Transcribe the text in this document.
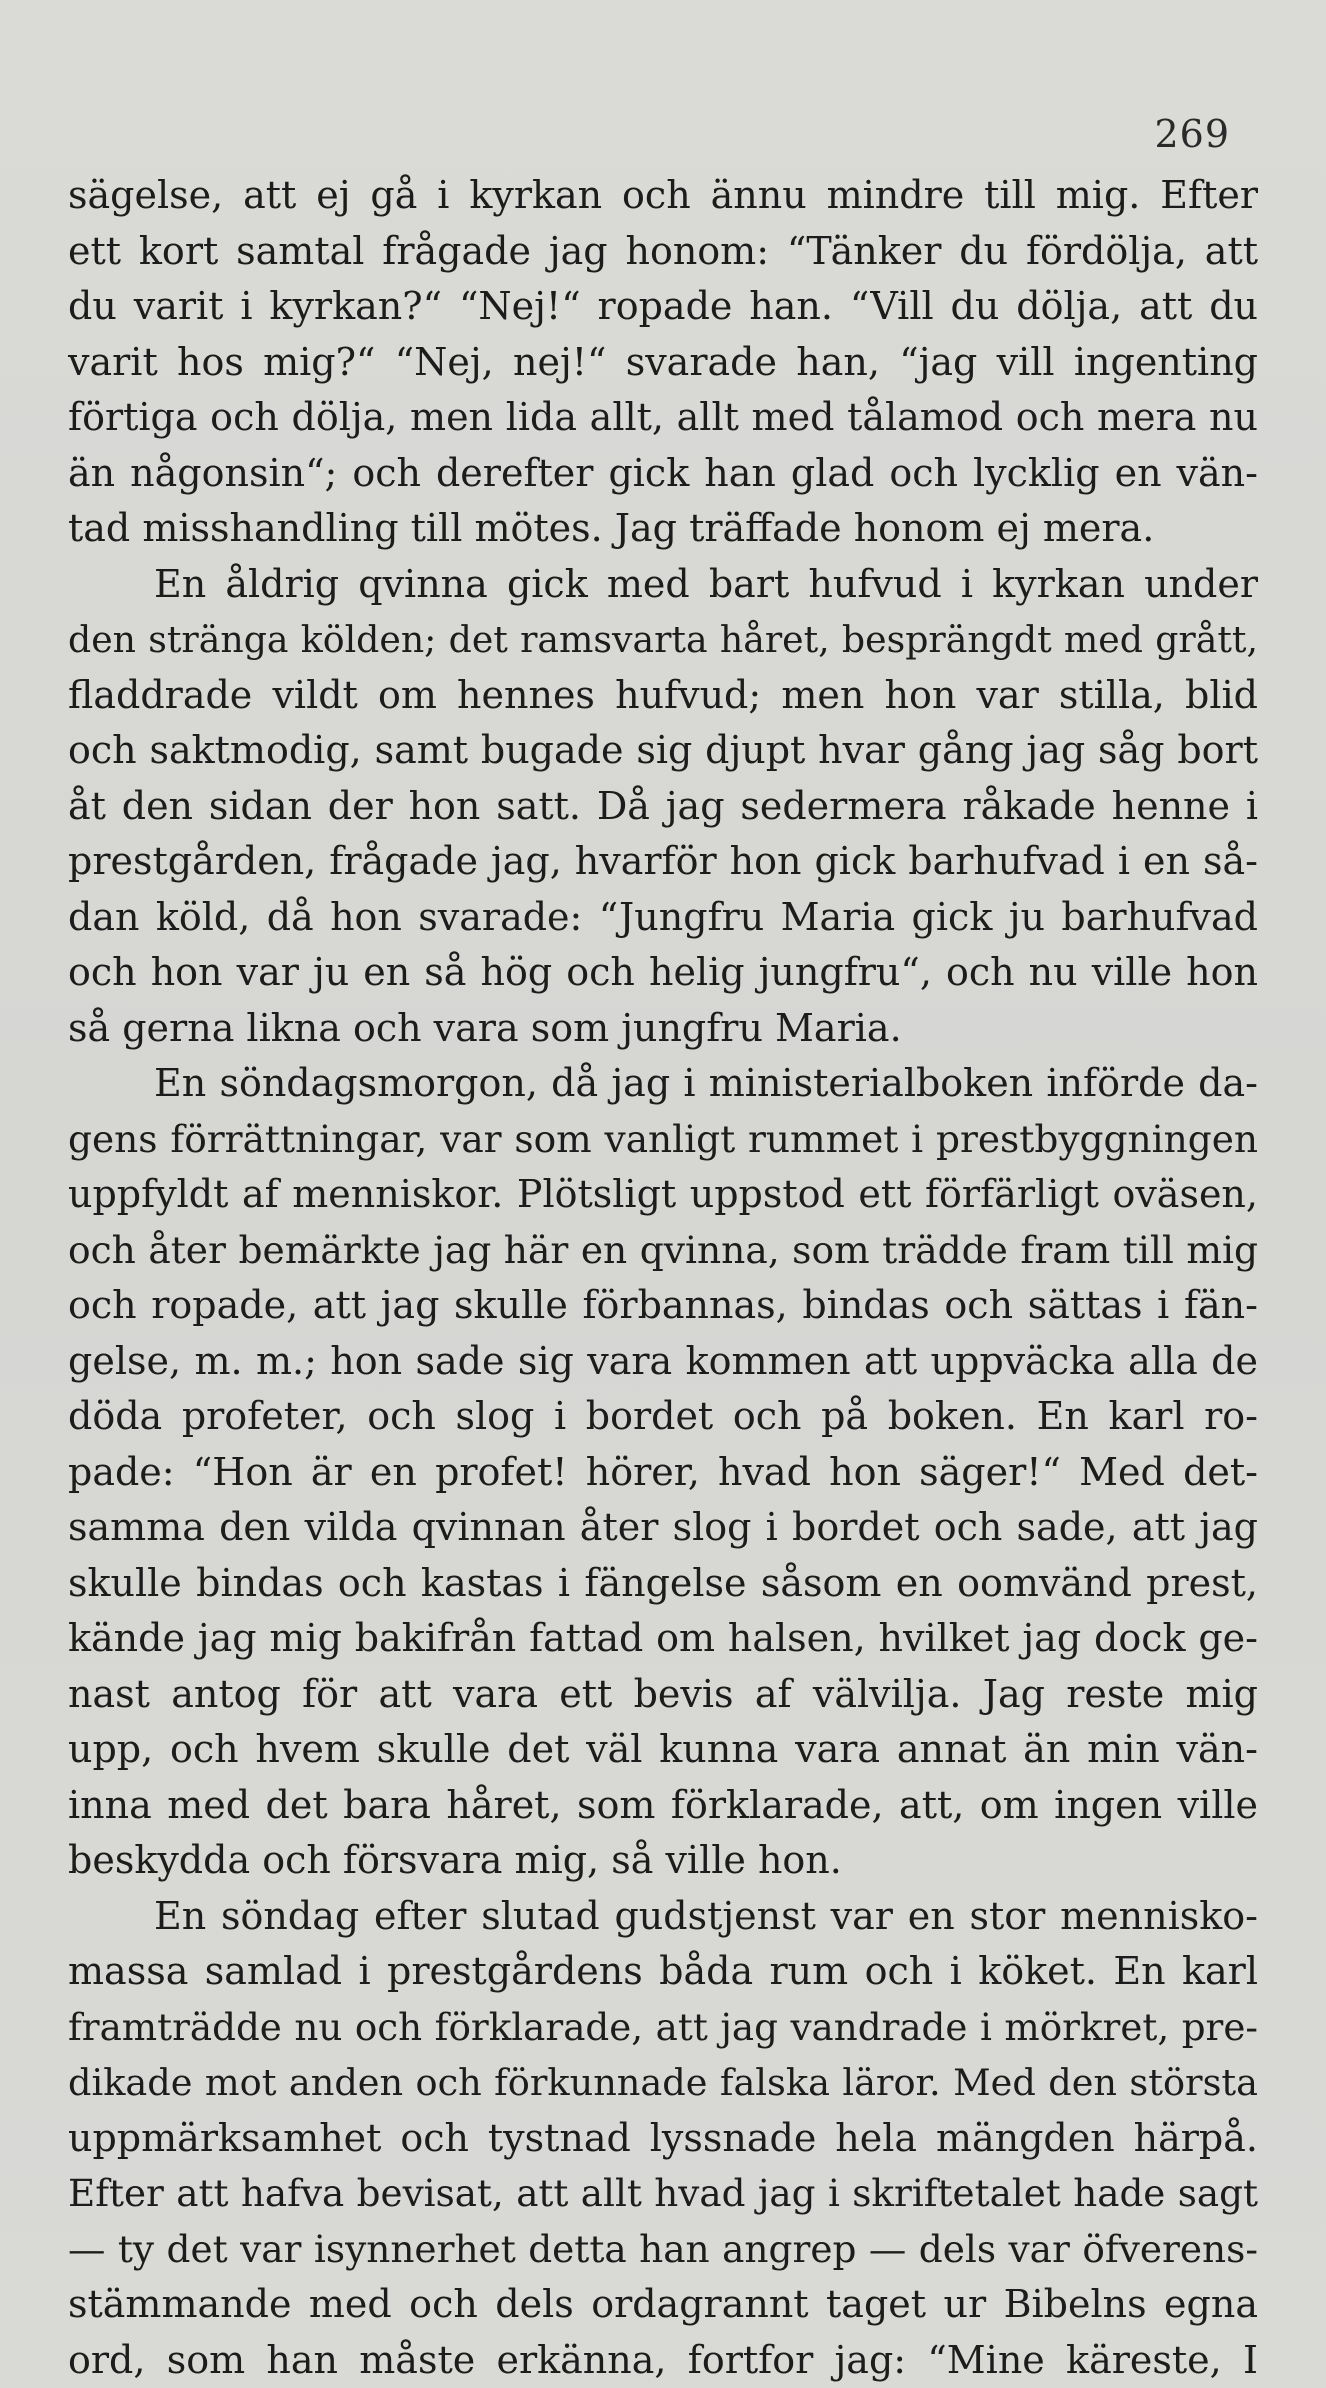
269
sägelse, att ej gå i kyrkan och ännu mindre till mig. Efter
ett kort samtal frågade jag honom: “Tänker du fördölja, att
du varit i kyrkan?“ “Nej!“ ropade han. “Vill du dölja, att du
varit hos mig?“ “Nej, nej!“ svarade han, “jag vill ingenting
förtiga och dölja, men lida allt, allt med tålamod och mera nu
än någonsin“; och derefter gick han glad och lycklig en vän-
tad misshandling till mötes. Jag träffade honom ej mera.
En åldrig qvinna gick med bart hufvud i kyrkan under
den stränga kölden; det ramsvarta håret, besprängdt med grått,
fladdrade vildt om hennes hufvud; men hon var stilla, blid
och saktmodig, samt bugade sig djupt hvar gång jag såg bort
åt den sidan der hon satt. Då jag sedermera råkade henne i
prestgården, frågade jag, hvarför hon gick barhufvad i en så-
dan köld, då hon svarade: “Jungfru Maria gick ju barhufvad
och hon var ju en så hög och helig jungfru“, och nu ville hon
så gerna likna och vara som jungfru Maria.
En söndagsmorgon, då jag i ministerialboken införde da-
gens förrättningar, var som vanligt rummet i prestbyggningen
uppfyldt af menniskor. Plötsligt uppstod ett förfärligt oväsen,
och åter bemärkte jag här en qvinna, som trädde fram till mig
och ropade, att jag skulle förbannas, bindas och sättas i fän-
gelse, m. m.; hon sade sig vara kommen att uppväcka alla de
döda profeter, och slog i bordet och på boken. En karl ro-
pade: “Hon är en profet! hörer, hvad hon säger!“ Med det-
samma den vilda qvinnan åter slog i bordet och sade, att jag
skulle bindas och kastas i fängelse såsom en oomvänd prest,
kände jag mig bakifrån fattad om halsen, hvilket jag dock ge-
nast antog för att vara ett bevis af välvilja. Jag reste mig
upp, och hvem skulle det väl kunna vara annat än min vän-
inna med det bara håret, som förklarade, att, om ingen ville
beskydda och försvara mig, så ville hon.
En söndag efter slutad gudstjenst var en stor mennisko-
massa samlad i prestgårdens båda rum och i köket. En karl
framträdde nu och förklarade, att jag vandrade i mörkret, pre-
dikade mot anden och förkunnade falska läror. Med den största
uppmärksamhet och tystnad lyssnade hela mängden härpå.
Efter att hafva bevisat, att allt hvad jag i skriftetalet hade sagt
— ty det var isynnerhet detta han angrep — dels var öfverens-
stämmande med och dels ordagrannt taget ur Bibelns egna
ord, som han måste erkänna, fortfor jag: “Mine käreste, I
